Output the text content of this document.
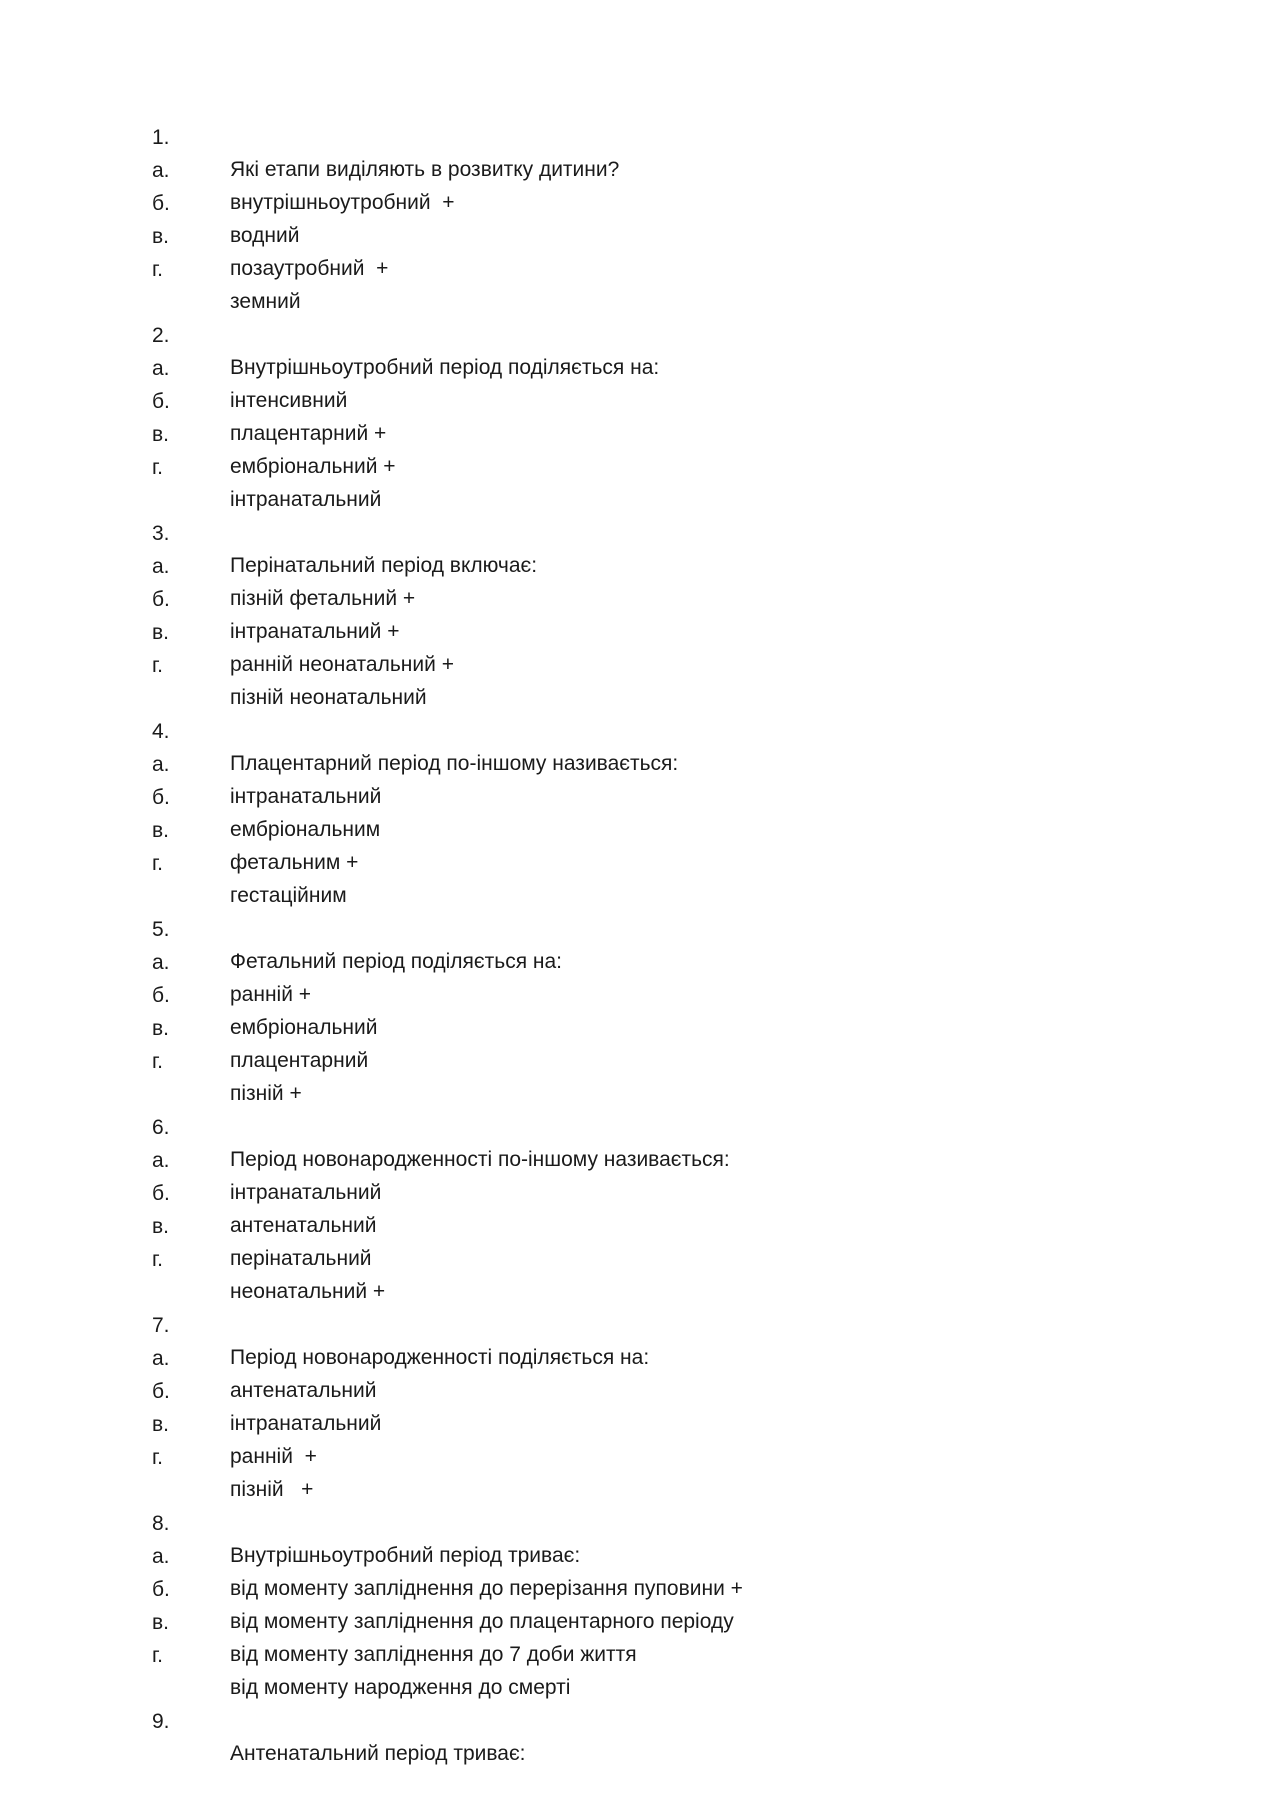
1.

Які етапи виділяють в розвитку дитини?

а.

внутрішньоутробний  +

б.

водний

в.

позаутробний  +

г.

земний

2.

Внутрішньоутробний період поділяється на:

а.

інтенсивний

б.

плацентарний +

в.

ембріональний +

г.

інтранатальний

3.

Перінатальний період включає:

а.

пізній фетальний +

б.

інтранатальний +

в.

ранній неонатальний +

г.

пізній неонатальний

4.

Плацентарний період по-іншому називається:

а.

інтранатальний

б.

ембріональним

в.

фетальним +

г.

гестаційним

5.

Фетальний період поділяється на:

а.

ранній +

б.

ембріональний

в.

плацентарний

г.

пізній +

6.

Період новонародженності по-іншому називається:

а.

інтранатальний

б.

антенатальний

в.

перінатальний

г.

неонатальний +

7.

Період новонародженності поділяється на:

а.

антенатальний

б.

інтранатальний

в.

ранній  +

г.

пізній   +

8.

Внутрішньоутробний період триває:

а.

від моменту запліднення до перерізання пуповини +

б.

від моменту запліднення до плацентарного періоду

в.

від моменту запліднення до 7 доби життя

г.

від моменту народження до смерті

9.

Антенатальний період триває:
